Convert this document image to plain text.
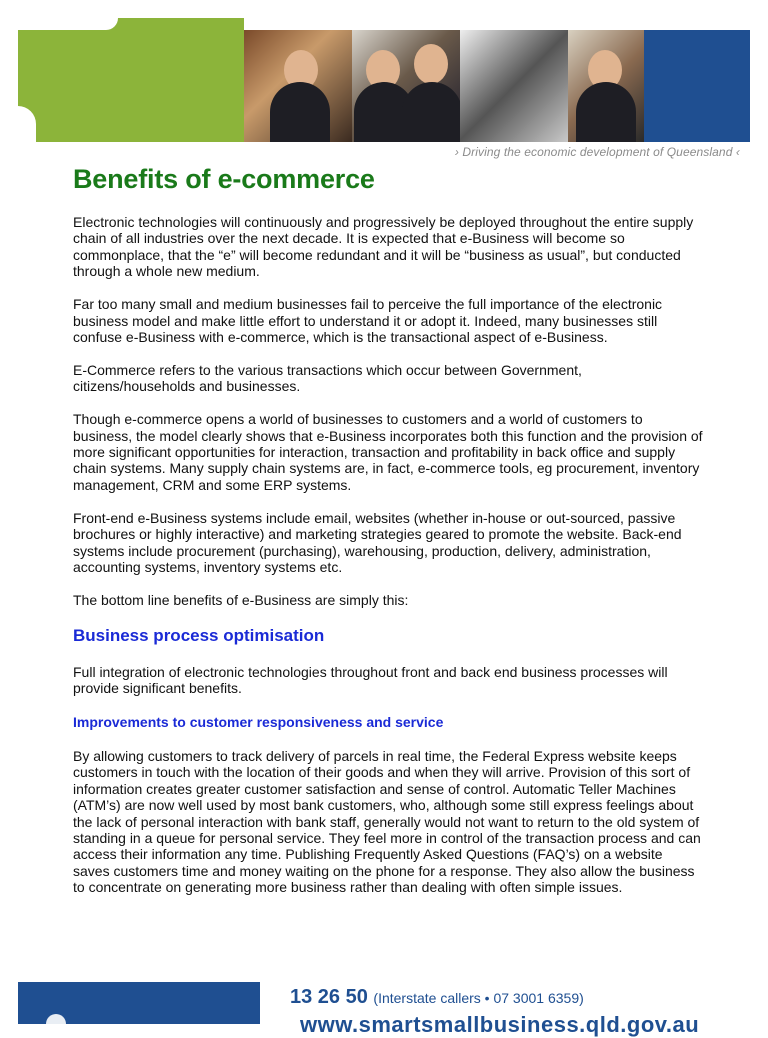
› Driving the economic development of Queensland ‹
Benefits of e-commerce

Electronic technologies will continuously and progressively be deployed throughout the entire supply chain of all industries over the next decade. It is expected that e-Business will become so commonplace, that the “e” will become redundant and it will be “business as usual”, but conducted through a whole new medium.

Far too many small and medium businesses fail to perceive the full importance of the electronic business model and make little effort to understand it or adopt it. Indeed, many businesses still confuse e-Business with e-commerce, which is the transactional aspect of e-Business.

E-Commerce refers to the various transactions which occur between Government, citizens/households and businesses.

Though e-commerce opens a world of businesses to customers and a world of customers to business, the model clearly shows that e-Business incorporates both this function and the provision of more significant opportunities for interaction, transaction and profitability in back office and supply chain systems. Many supply chain systems are, in fact, e-commerce tools, eg procurement, inventory management, CRM and some ERP systems.

Front-end e-Business systems include email, websites (whether in-house or out-sourced, passive brochures or highly interactive) and marketing strategies geared to promote the website. Back-end systems include procurement (purchasing), warehousing, production, delivery, administration, accounting systems, inventory systems etc.

The bottom line benefits of e-Business are simply this:

Business process optimisation

Full integration of electronic technologies throughout front and back end business processes will provide significant benefits.

Improvements to customer responsiveness and service

By allowing customers to track delivery of parcels in real time, the Federal Express website keeps customers in touch with the location of their goods and when they will arrive. Provision of this sort of information creates greater customer satisfaction and sense of control. Automatic Teller Machines (ATM’s) are now well used by most bank customers, who, although some still express feelings about the lack of personal interaction with bank staff, generally would not want to return to the old system of standing in a queue for personal service. They feel more in control of the transaction process and can access their information any time. Publishing Frequently Asked Questions (FAQ’s) on a website saves customers time and money waiting on the phone for a response. They also allow the business to concentrate on generating more business rather than dealing with often simple issues.

13 26 50 (Interstate callers • 07 3001 6359)
www.smartsmallbusiness.qld.gov.au
